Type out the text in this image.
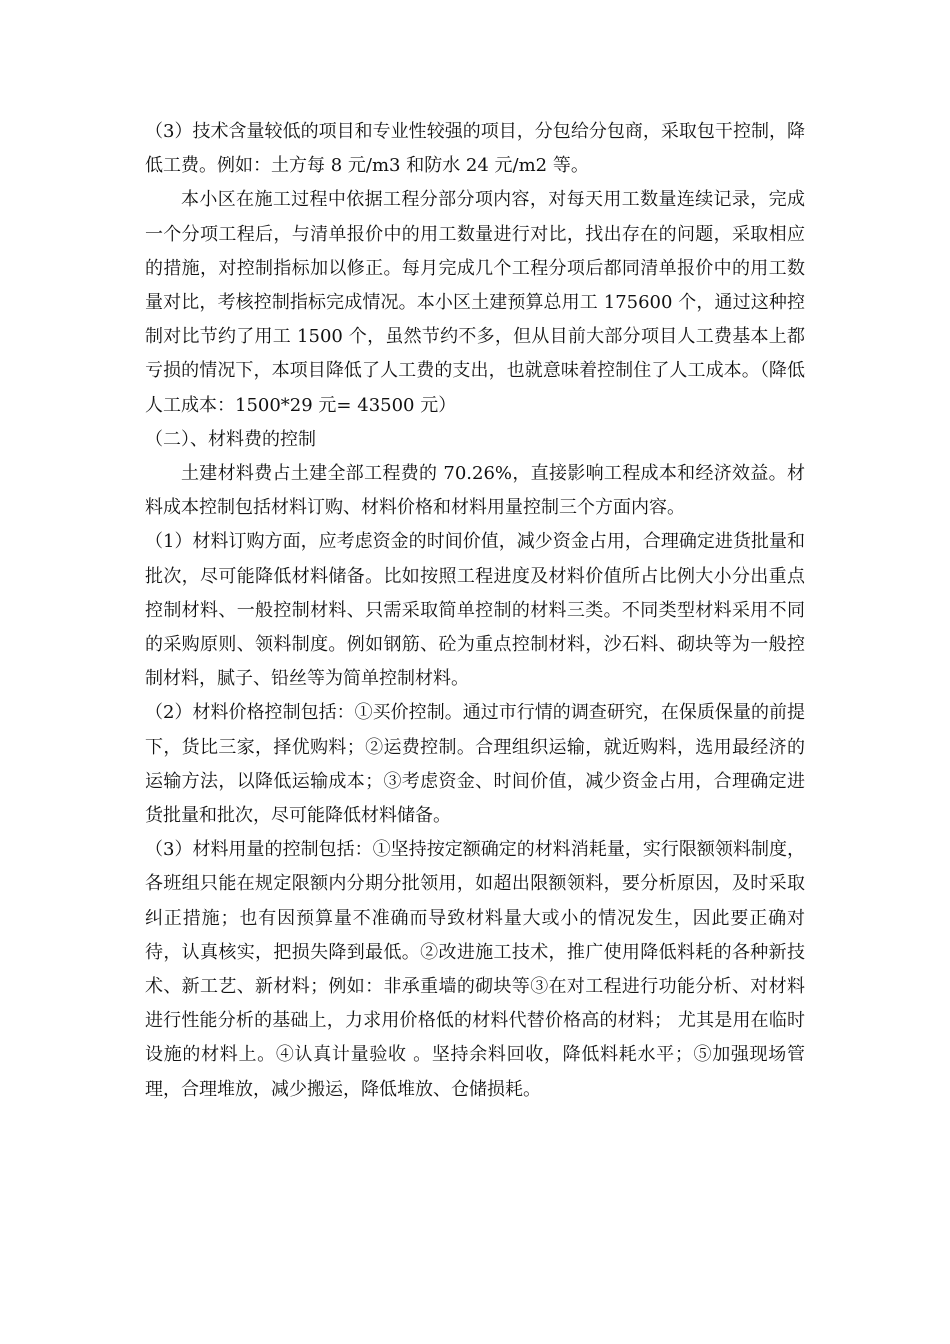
（3）技术含量较低的项目和专业性较强的项目，分包给分包商，采取包干控制，降低工费。例如：土方每 8 元/m3 和防水 24 元/m2 等。

本小区在施工过程中依据工程分部分项内容，对每天用工数量连续记录，完成一个分项工程后，与清单报价中的用工数量进行对比，找出存在的问题，采取相应的措施，对控制指标加以修正。每月完成几个工程分项后都同清单报价中的用工数量对比，考核控制指标完成情况。本小区土建预算总用工 175600 个，通过这种控制对比节约了用工 1500 个，虽然节约不多，但从目前大部分项目人工费基本上都亏损的情况下，本项目降低了人工费的支出，也就意味着控制住了人工成本。（降低人工成本：1500*29 元= 43500 元）

（二）、材料费的控制

土建材料费占土建全部工程费的 70.26%，直接影响工程成本和经济效益。材料成本控制包括材料订购、材料价格和材料用量控制三个方面内容。

（1）材料订购方面，应考虑资金的时间价值，减少资金占用，合理确定进货批量和批次，尽可能降低材料储备。比如按照工程进度及材料价值所占比例大小分出重点控制材料、一般控制材料、只需采取简单控制的材料三类。不同类型材料采用不同的采购原则、领料制度。例如钢筋、砼为重点控制材料，沙石料、砌块等为一般控制材料，腻子、铅丝等为简单控制材料。

（2）材料价格控制包括：①买价控制。通过市行情的调查研究，在保质保量的前提下，货比三家，择优购料；②运费控制。合理组织运输，就近购料，选用最经济的运输方法，以降低运输成本；③考虑资金、时间价值，减少资金占用，合理确定进货批量和批次，尽可能降低材料储备。

（3）材料用量的控制包括：①坚持按定额确定的材料消耗量，实行限额领料制度，各班组只能在规定限额内分期分批领用，如超出限额领料，要分析原因，及时采取纠正措施；也有因预算量不准确而导致材料量大或小的情况发生，因此要正确对待，认真核实，把损失降到最低。②改进施工技术，推广使用降低料耗的各种新技术、新工艺、新材料；例如：非承重墙的砌块等③在对工程进行功能分析、对材料进行性能分析的基础上，力求用价格低的材料代替价格高的材料； 尤其是用在临时设施的材料上。④认真计量验收 。坚持余料回收，降低料耗水平；⑤加强现场管理，合理堆放，减少搬运，降低堆放、仓储损耗。
